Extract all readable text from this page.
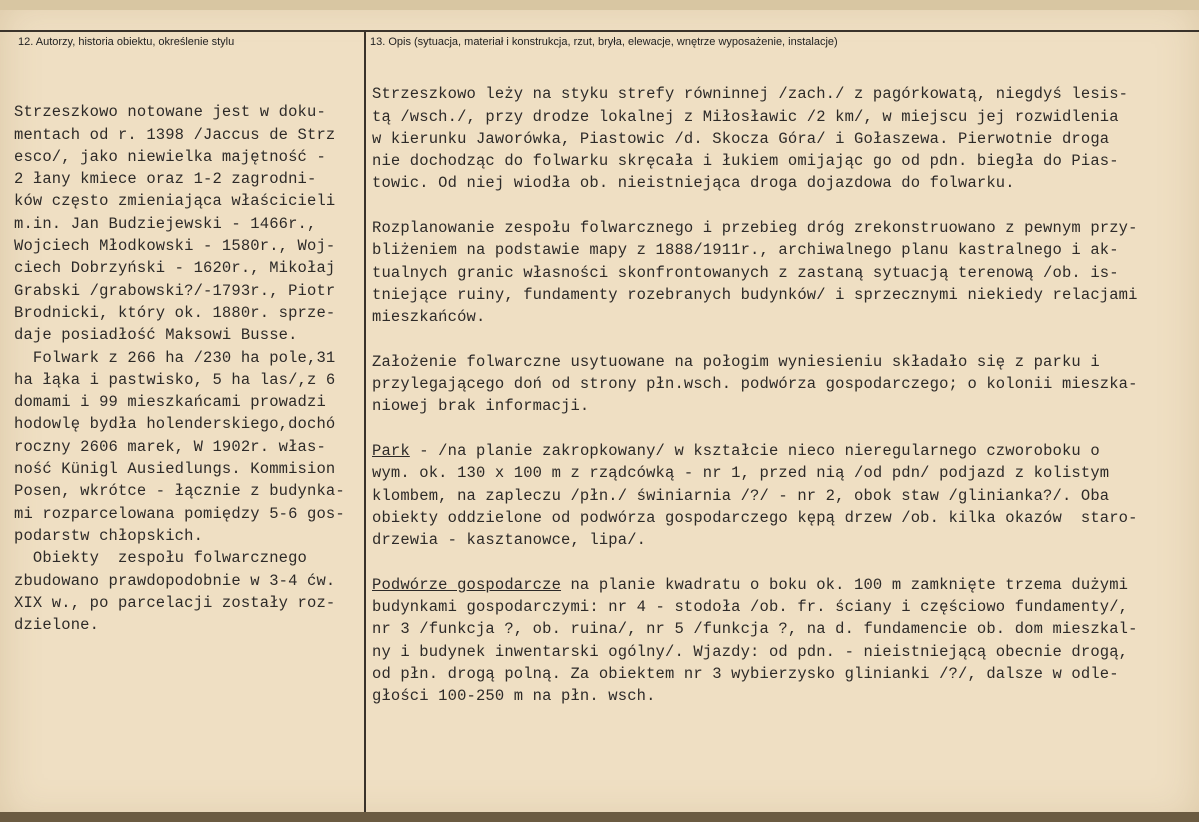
12. Autorzy, historia obiektu, określenie stylu	13. Opis (sytuacja, materiał i konstrukcja, rzut, bryła, elewacje, wnętrze wyposażenie, instalacje)

Strzeszkowo notowane jest w doku-
mentach od r. 1398 /Jaccus de Strz
esco/, jako niewielka majętność -
2 łany kmiece oraz 1-2 zagrodni-
ków często zmieniająca właścicieli
m.in. Jan Budziejewski - 1466r.,
Wojciech Młodkowski - 1580r., Woj-
ciech Dobrzyński - 1620r., Mikołaj
Grabski /grabowski?/-1793r., Piotr
Brodnicki, który ok. 1880r. sprze-
daje posiadłość Maksowi Busse.
Folwark z 266 ha /230 ha pole,31
ha łąka i pastwisko, 5 ha las/,z 6
domami i 99 mieszkańcami prowadzi
hodowlę bydła holenderskiego,dochó
roczny 2606 marek, W 1902r. włas-
ność Künigl Ausiedlungs. Kommision
Posen, wkrótce - łącznie z budynka-
mi rozparcelowana pomiędzy 5-6 gos-
podarstw chłopskich.
Obiekty  zespołu folwarcznego
zbudowano prawdopodobnie w 3-4 ćw.
XIX w., po parcelacji zostały roz-
dzielone.

Strzeszkowo leży na styku strefy równinnej /zach./ z pagórkowatą, niegdyś lesis-
tą /wsch./, przy drodze lokalnej z Miłosławic /2 km/, w miejscu jej rozwidlenia
w kierunku Jaworówka, Piastowic /d. Skocza Góra/ i Gołaszewa. Pierwotnie droga
nie dochodząc do folwarku skręcała i łukiem omijając go od pdn. biegła do Pias-
towic. Od niej wiodła ob. nieistniejąca droga dojazdowa do folwarku.

Rozplanowanie zespołu folwarcznego i przebieg dróg zrekonstruowano z pewnym przy-
bliżeniem na podstawie mapy z 1888/1911r., archiwalnego planu kastralnego i ak-
tualnych granic własności skonfrontowanych z zastaną sytuacją terenową /ob. is-
tniejące ruiny, fundamenty rozebranych budynków/ i sprzecznymi niekiedy relacjami
mieszkańców.

Założenie folwarczne usytuowane na połogim wyniesieniu składało się z parku i
przylegającego doń od strony płn.wsch. podwórza gospodarczego; o kolonii mieszka-
niowej brak informacji.

Park - /na planie zakropkowany/ w kształcie nieco nieregularnego czworoboku o
wym. ok. 130 x 100 m z rządcówką - nr 1, przed nią /od pdn/ podjazd z kolistym
klombem, na zapleczu /płn./ świniarnia /?/ - nr 2, obok staw /glinianka?/. Oba
obiekty oddzielone od podwórza gospodarczego kępą drzew /ob. kilka okazów  staro-
drzewia - kasztanowce, lipa/.

Podwórze gospodarcze na planie kwadratu o boku ok. 100 m zamknięte trzema dużymi
budynkami gospodarczymi: nr 4 - stodoła /ob. fr. ściany i częściowo fundamenty/,
nr 3 /funkcja ?, ob. ruina/, nr 5 /funkcja ?, na d. fundamencie ob. dom mieszkal-
ny i budynek inwentarski ogólny/. Wjazdy: od pdn. - nieistniejącą obecnie drogą,
od płn. drogą polną. Za obiektem nr 3 wybierzysko glinianki /?/, dalsze w odle-
głości 100-250 m na płn. wsch.
